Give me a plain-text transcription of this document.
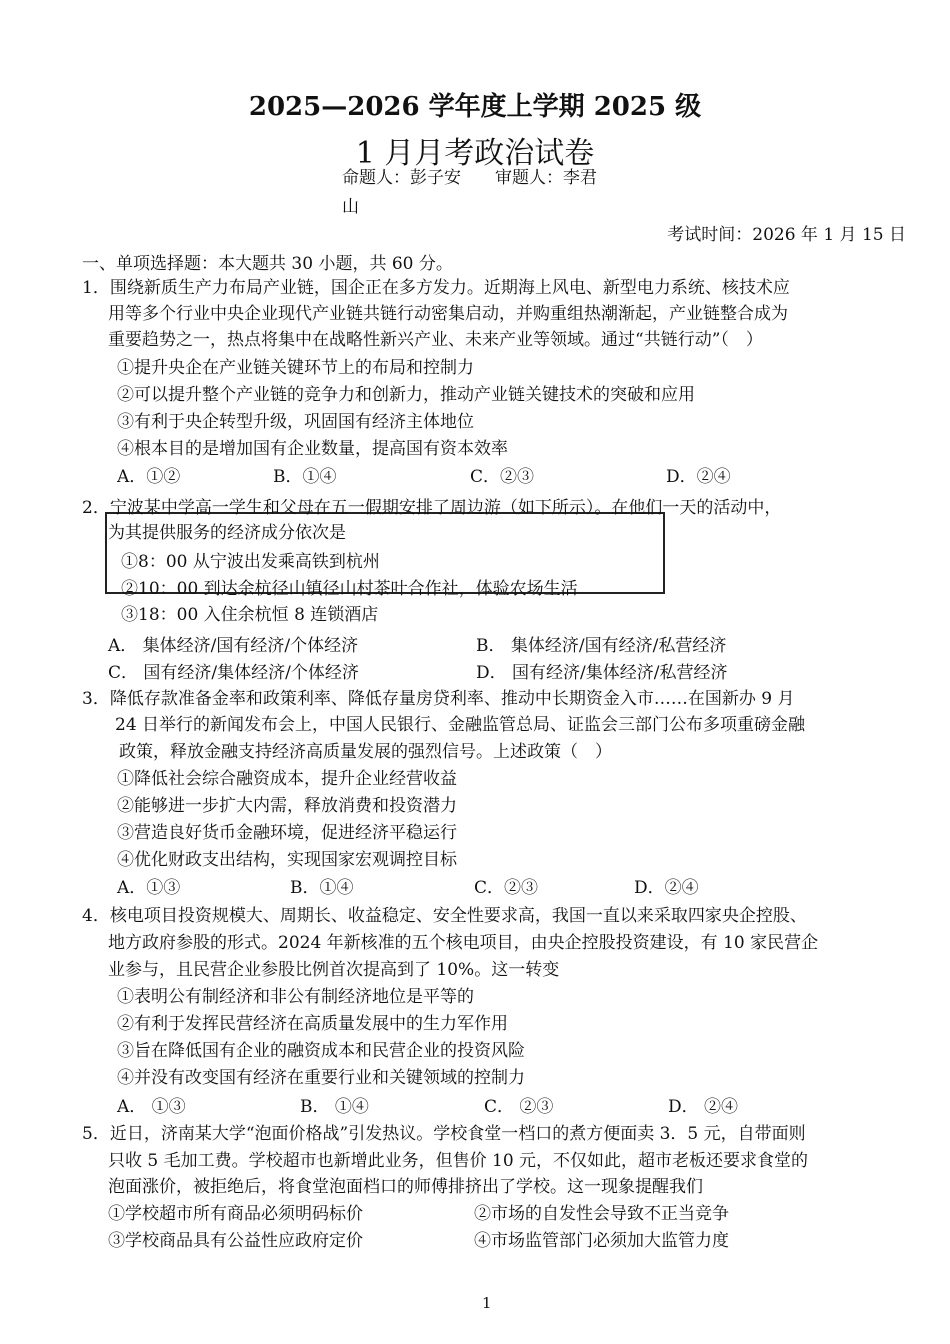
2025—2026 学年度上学期 2025 级
1 月月考政治试卷
命题人：彭子安　　审题人：李君
山
考试时间：2026 年 1 月 15 日
一、单项选择题：本大题共 30 小题，共 60 分。
1．围绕新质生产力布局产业链，国企正在多方发力。近期海上风电、新型电力系统、核技术应
用等多个行业中央企业现代产业链共链行动密集启动，并购重组热潮渐起，产业链整合成为
重要趋势之一，热点将集中在战略性新兴产业、未来产业等领域。通过“共链行动”（　）
①提升央企在产业链关键环节上的布局和控制力
②可以提升整个产业链的竞争力和创新力，推动产业链关键技术的突破和应用
③有利于央企转型升级，巩固国有经济主体地位
④根本目的是增加国有企业数量，提高国有资本效率
A．①②	B．①④	C．②③	D．②④
2．宁波某中学高一学生和父母在五一假期安排了周边游（如下所示）。在他们一天的活动中，
为其提供服务的经济成分依次是
①8：00 从宁波出发乘高铁到杭州
②10：00 到达余杭径山镇径山村茶叶合作社，体验农场生活
③18：00 入住余杭恒 8 连锁酒店
A． 集体经济/国有经济/个体经济	B． 集体经济/国有经济/私营经济
C． 国有经济/集体经济/个体经济	D． 国有经济/集体经济/私营经济
3．降低存款准备金率和政策利率、降低存量房贷利率、推动中长期资金入市……在国新办 9 月
24 日举行的新闻发布会上，中国人民银行、金融监管总局、证监会三部门公布多项重磅金融
政策，释放金融支持经济高质量发展的强烈信号。上述政策（　）
①降低社会综合融资成本，提升企业经营收益
②能够进一步扩大内需，释放消费和投资潜力
③营造良好货币金融环境，促进经济平稳运行
④优化财政支出结构，实现国家宏观调控目标
A．①③	B．①④	C．②③	D．②④
4．核电项目投资规模大、周期长、收益稳定、安全性要求高，我国一直以来采取四家央企控股、
地方政府参股的形式。2024 年新核准的五个核电项目，由央企控股投资建设，有 10 家民营企
业参与，且民营企业参股比例首次提高到了 10%。这一转变
①表明公有制经济和非公有制经济地位是平等的
②有利于发挥民营经济在高质量发展中的生力军作用
③旨在降低国有企业的融资成本和民营企业的投资风险
④并没有改变国有经济在重要行业和关键领域的控制力
A． ①③	B． ①④	C． ②③	D． ②④
5．近日，济南某大学“泡面价格战”引发热议。学校食堂一档口的煮方便面卖 3．5 元，自带面则
只收 5 毛加工费。学校超市也新增此业务，但售价 10 元，不仅如此，超市老板还要求食堂的
泡面涨价，被拒绝后，将食堂泡面档口的师傅排挤出了学校。这一现象提醒我们
①学校超市所有商品必须明码标价	②市场的自发性会导致不正当竞争
③学校商品具有公益性应政府定价	④市场监管部门必须加大监管力度
1
